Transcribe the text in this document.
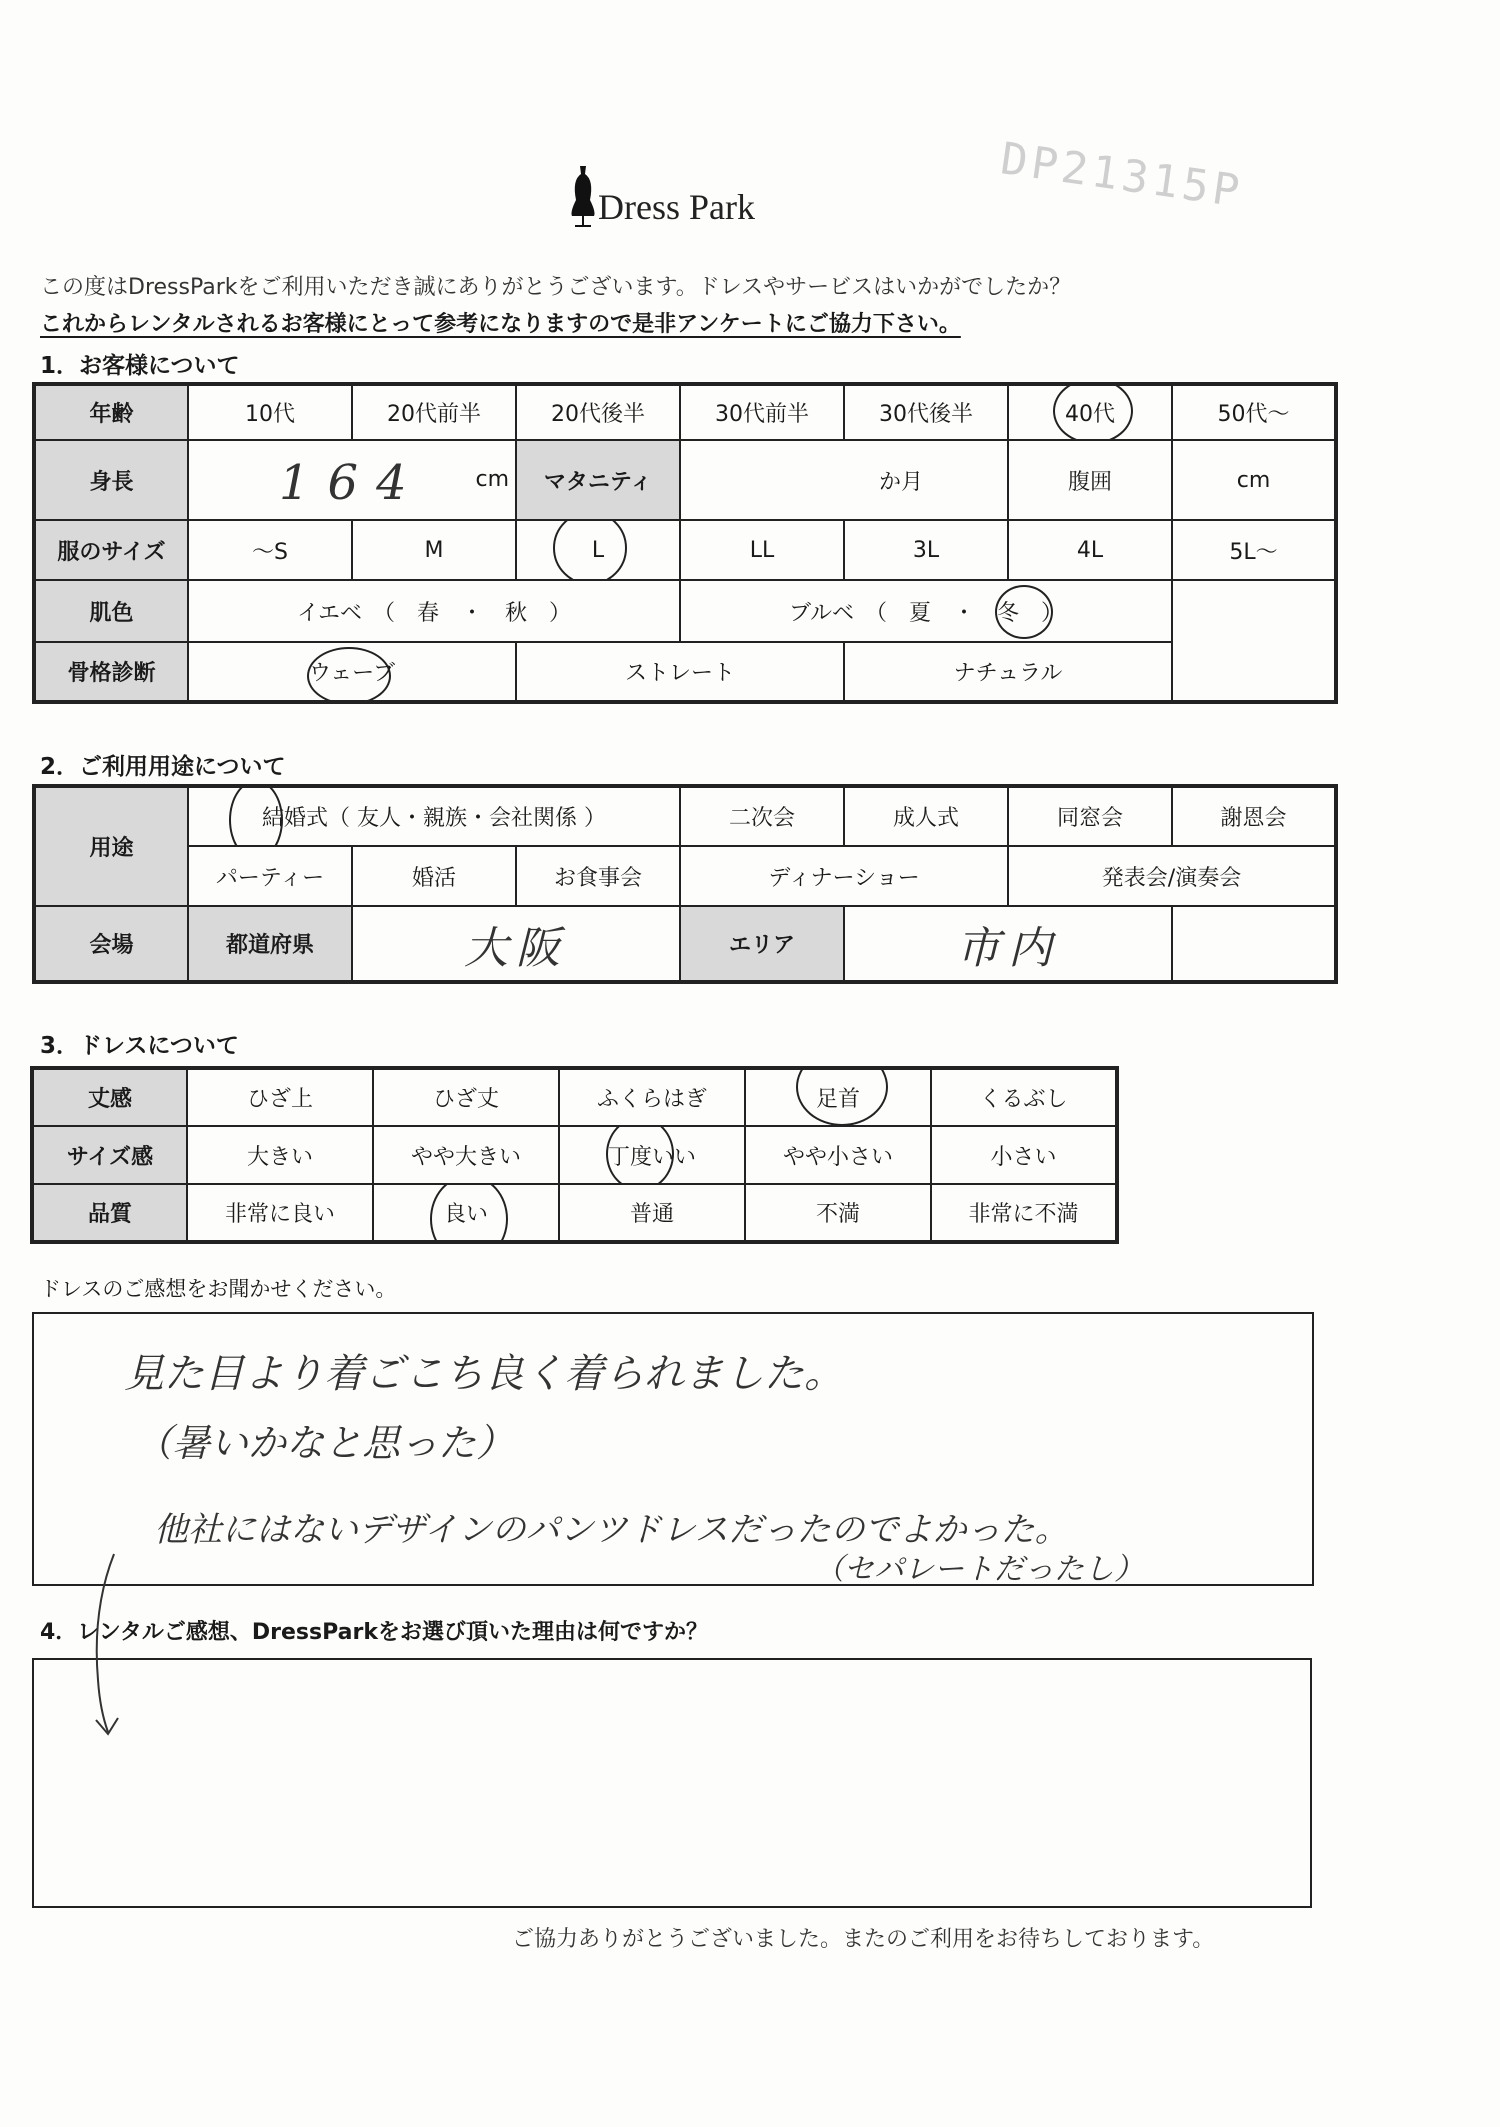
Dress Park	DP21315P
この度はDressParkをご利用いただき誠にありがとうございます。ドレスやサービスはいかがでしたか？
これからレンタルされるお客様にとって参考になりますので是非アンケートにご協力下さい。
1．お客様について
年齢	10代	20代前半	20代後半	30代前半	30代後半	40代	50代～
身長	164 cm		マタニティ	か月		腹囲	cm
服のサイズ	～S	M	L	LL	3L	4L	5L～
肌色	イエベ　（　春　・　秋　）			ブルベ　（　夏　・　冬　）		

骨格診断	ウェーブ		ストレート		ナチュラル		
2．ご利用用途について
用途	結婚式（ 友人・親族・会社関係 ）			二次会	成人式	同窓会	謝恩会
	パーティー	婚活	お食事会	ディナーショー		発表会/演奏会	
会場	都道府県	大阪		エリア	市内		
3．ドレスについて
丈感	ひざ上	ひざ丈	ふくらはぎ	足首	くるぶし
サイズ感	大きい	やや大きい	丁度いい	やや小さい	小さい
品質	非常に良い	良い	普通	不満	非常に不満
ドレスのご感想をお聞かせください。
見た目より着ごこち良く着られました。
（暑いかなと思った）
他社にはないデザインのパンツドレスだったのでよかった。
（セパレートだったし）
4．レンタルご感想、DressParkをお選び頂いた理由は何ですか？
ご協力ありがとうございました。またのご利用をお待ちしております。
